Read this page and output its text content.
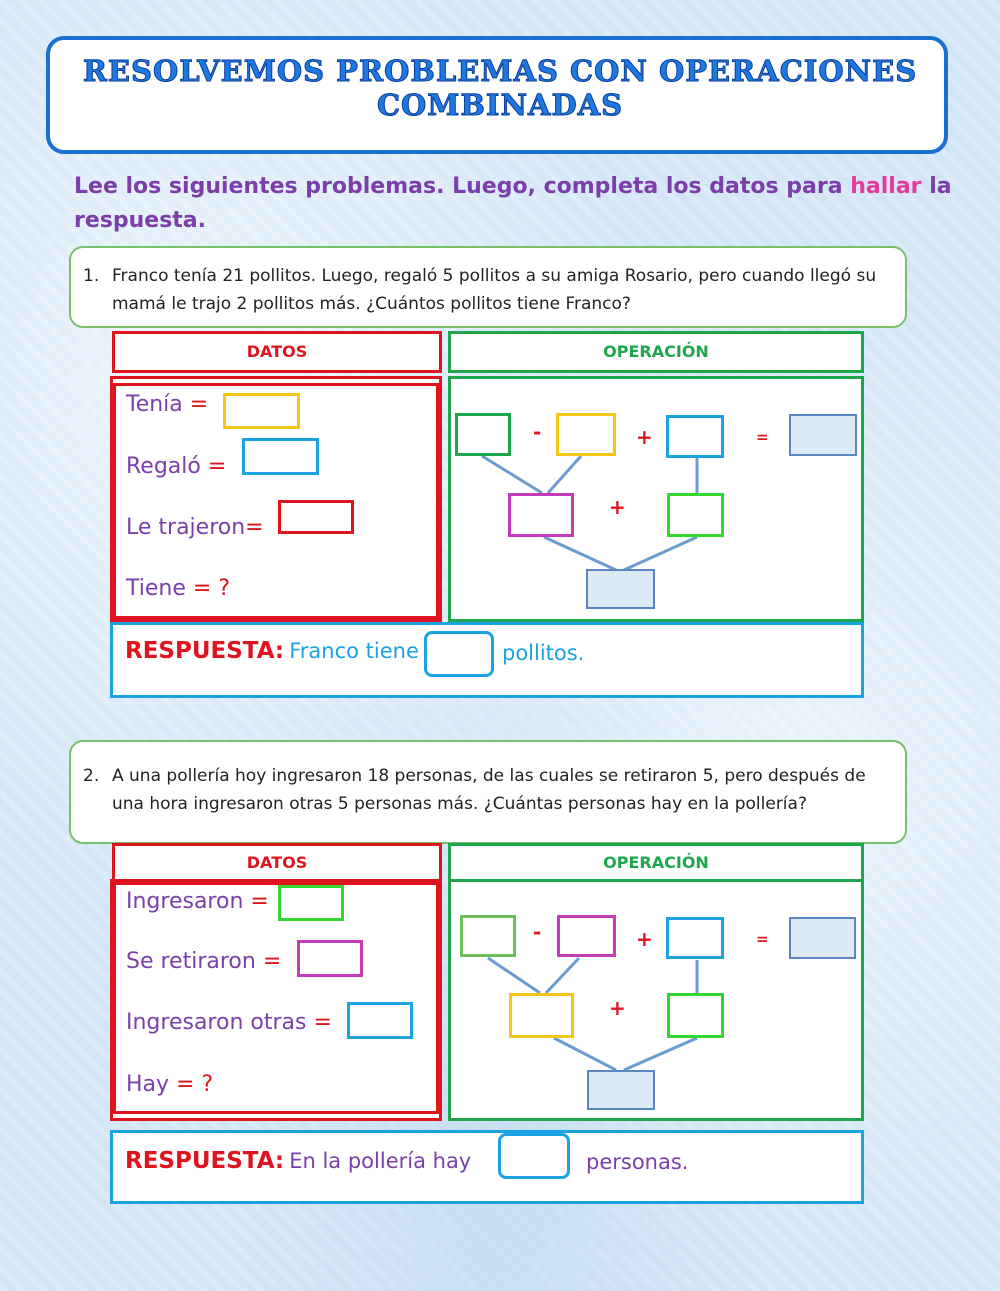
RESOLVEMOS PROBLEMAS CON OPERACIONES COMBINADAS
Lee los siguientes problemas. Luego, completa los datos para hallar la respuesta.
1. Franco tenía 21 pollitos. Luego, regaló 5 pollitos a su amiga Rosario, pero cuando llegó su mamá le trajo 2 pollitos más. ¿Cuántos pollitos tiene Franco?
DATOS	OPERACIÓN
Tenía =
Regaló =
Le trajeron=
Tiene = ?
-	+	=
+
RESPUESTA: Franco tiene	pollitos.
2. A una pollería hoy ingresaron 18 personas, de las cuales se retiraron 5, pero después de una hora ingresaron otras 5 personas más. ¿Cuántas personas hay en la pollería?
DATOS	OPERACIÓN
Ingresaron =
Se retiraron =
Ingresaron otras =
Hay = ?
-	+	=
+
RESPUESTA: En la pollería hay	personas.
